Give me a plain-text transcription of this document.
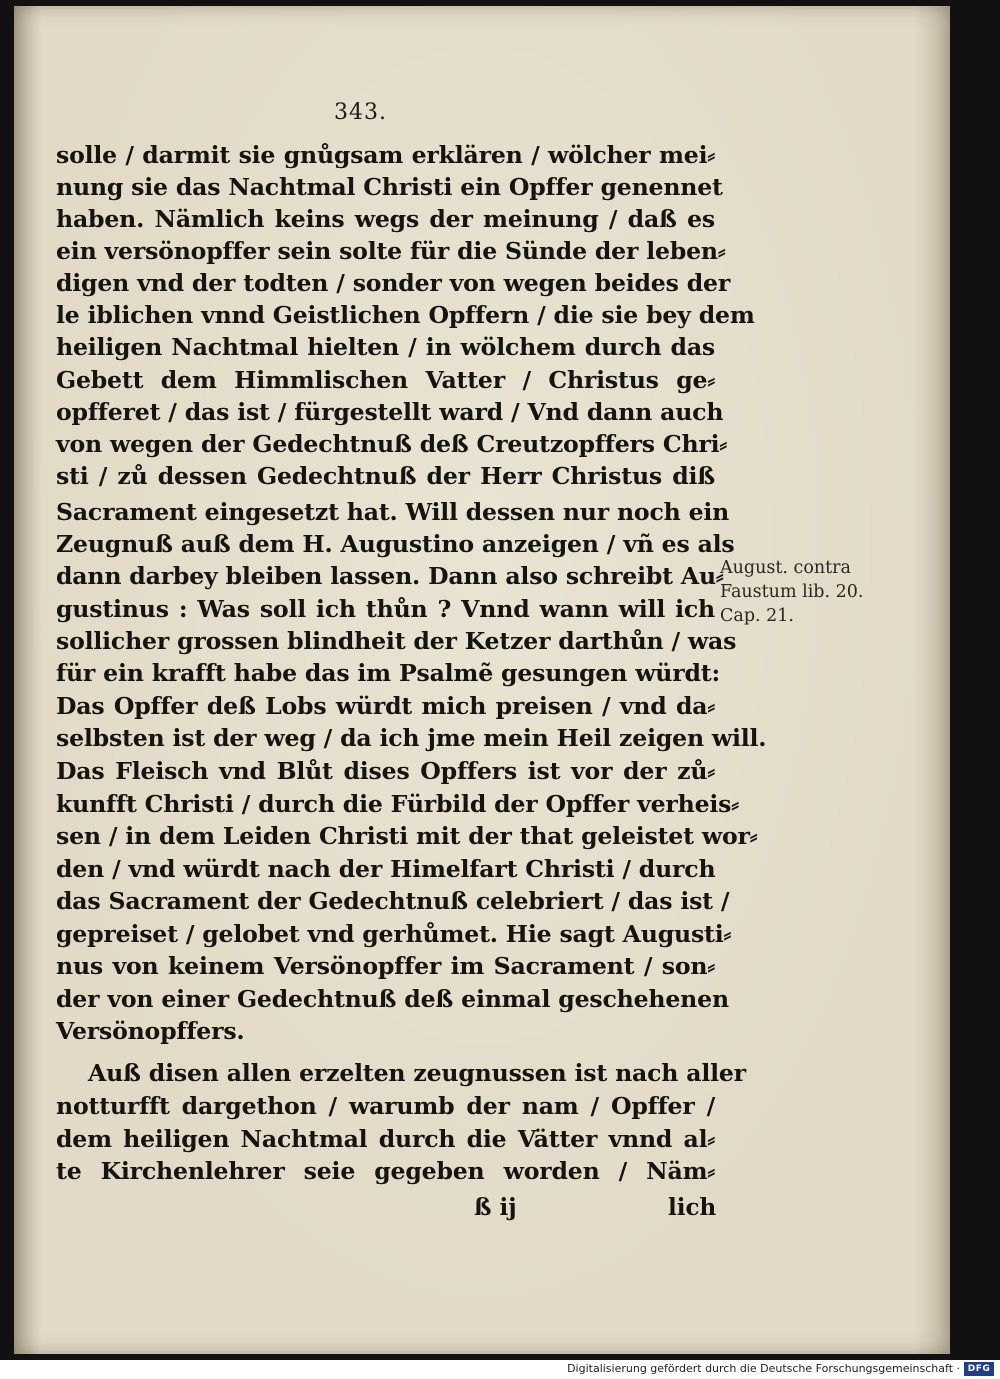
343.
solle / darmit sie gnůgsam erklären / wölcher mei⸗
nung sie das Nachtmal Christi ein Opffer genennet
haben. Nämlich keins wegs der meinung / daß es
ein versönopffer sein solte für die Sünde der leben⸗
digen vnd der todten / sonder von wegen beides der
le iblichen vnnd Geistlichen Opffern / die sie bey dem
heiligen Nachtmal hielten / in wölchem durch das
Gebett dem Himmlischen Vatter / Christus ge⸗
opfferet / das ist / fürgestellt ward / Vnd dann auch
von wegen der Gedechtnuß deß Creutzopffers Chri⸗
sti / zů dessen Gedechtnuß der Herr Christus diß
Sacrament eingesetzt hat. Will dessen nur noch ein
Zeugnuß auß dem H. Augustino anzeigen / vñ es als
dann darbey bleiben lassen. Dann also schreibt Au⸗
gustinus : Was soll ich thůn ? Vnnd wann will ich
sollicher grossen blindheit der Ketzer darthůn / was
für ein krafft habe das im Psalmẽ gesungen würdt:
Das Opffer deß Lobs würdt mich preisen / vnd da⸗
selbsten ist der weg / da ich jme mein Heil zeigen will.
Das Fleisch vnd Blůt dises Opffers ist vor der zů⸗
kunfft Christi / durch die Fürbild der Opffer verheis⸗
sen / in dem Leiden Christi mit der that geleistet wor⸗
den / vnd würdt nach der Himelfart Christi / durch
das Sacrament der Gedechtnuß celebriert / das ist /
gepreiset / gelobet vnd gerhůmet. Hie sagt Augusti⸗
nus von keinem Versönopffer im Sacrament / son⸗
der von einer Gedechtnuß deß einmal geschehenen
Versönopffers.
Auß disen allen erzelten zeugnussen ist nach aller
notturfft dargethon / warumb der nam / Opffer /
dem heiligen Nachtmal durch die Vätter vnnd al⸗
te Kirchenlehrer seie gegeben worden / Näm⸗
ß ij	lich
August. contra
Faustum lib. 20.
Cap. 21.
Digitalisierung gefördert durch die Deutsche Forschungsgemeinschaft · DFG
